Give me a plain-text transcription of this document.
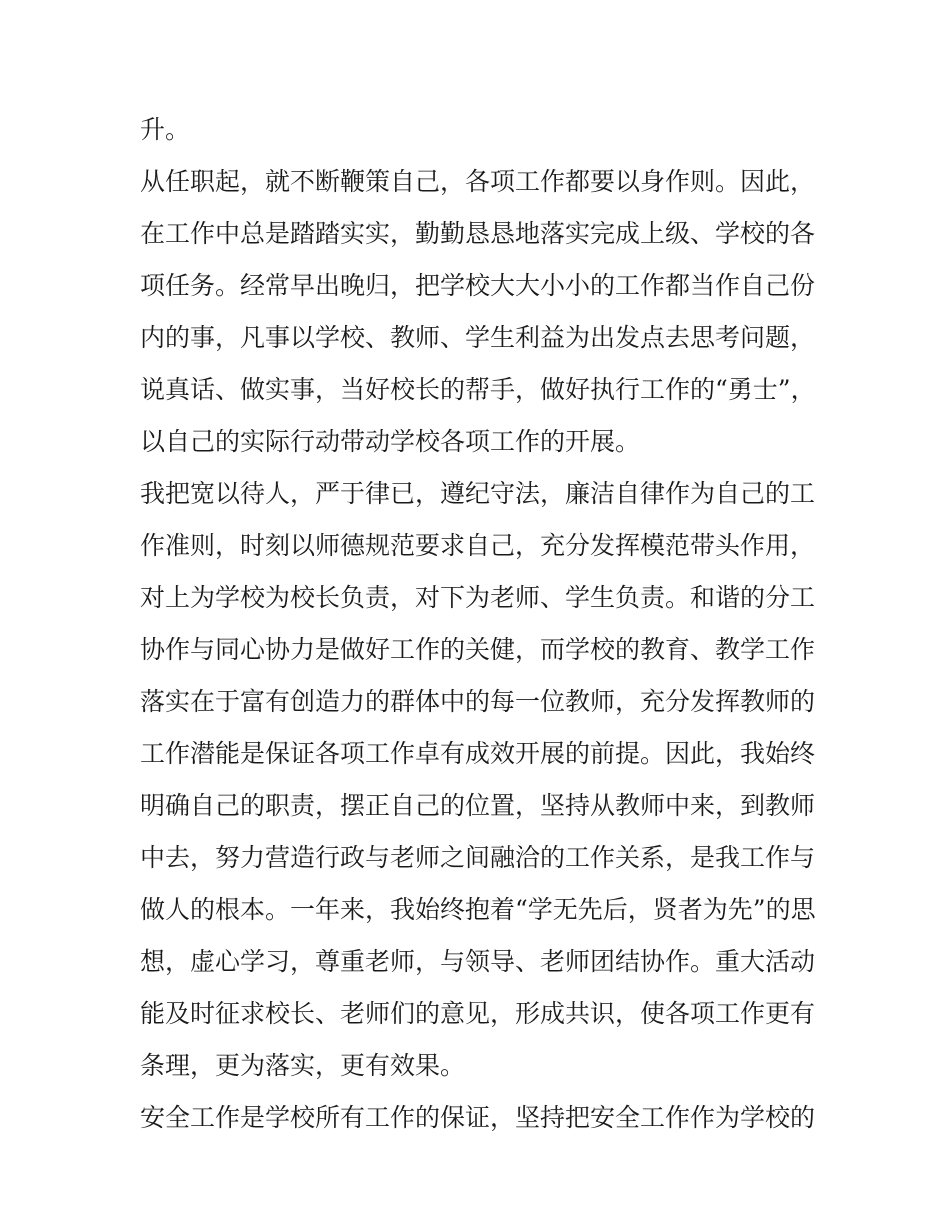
升。
从任职起，就不断鞭策自己，各项工作都要以身作则。因此，
在工作中总是踏踏实实，勤勤恳恳地落实完成上级、学校的各
项任务。经常早出晚归，把学校大大小小的工作都当作自己份
内的事，凡事以学校、教师、学生利益为出发点去思考问题，
说真话、做实事，当好校长的帮手，做好执行工作的“勇士”，
以自己的实际行动带动学校各项工作的开展。
我把宽以待人，严于律已，遵纪守法，廉洁自律作为自己的工
作准则，时刻以师德规范要求自己，充分发挥模范带头作用，
对上为学校为校长负责，对下为老师、学生负责。和谐的分工
协作与同心协力是做好工作的关健，而学校的教育、教学工作
落实在于富有创造力的群体中的每一位教师，充分发挥教师的
工作潜能是保证各项工作卓有成效开展的前提。因此，我始终
明确自己的职责，摆正自己的位置，坚持从教师中来，到教师
中去，努力营造行政与老师之间融洽的工作关系，是我工作与
做人的根本。一年来，我始终抱着“学无先后，贤者为先”的思
想，虚心学习，尊重老师，与领导、老师团结协作。重大活动
能及时征求校长、老师们的意见，形成共识，使各项工作更有
条理，更为落实，更有效果。
安全工作是学校所有工作的保证，坚持把安全工作作为学校的
